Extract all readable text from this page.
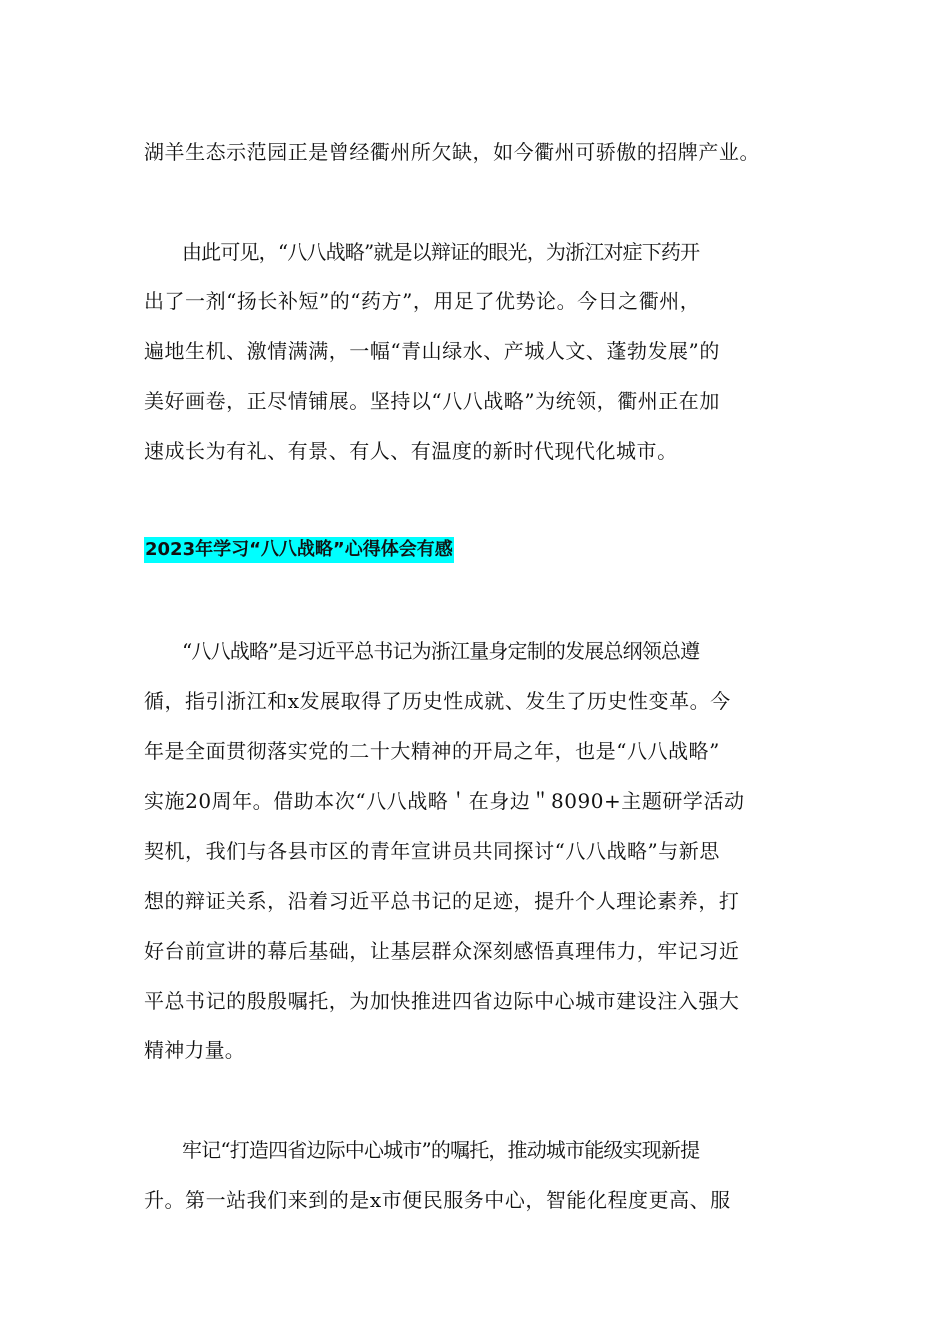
湖羊生态示范园正是曾经衢州所欠缺，如今衢州可骄傲的招牌产业。
由此可见，“八八战略”就是以辩证的眼光，为浙江对症下药开
出了一剂“扬长补短”的“药方”，用足了优势论。今日之衢州，
遍地生机、激情满满，一幅“青山绿水、产城人文、蓬勃发展”的
美好画卷，正尽情铺展。坚持以“八八战略”为统领，衢州正在加
速成长为有礼、有景、有人、有温度的新时代现代化城市。
2023年学习“八八战略”心得体会有感
“八八战略”是习近平总书记为浙江量身定制的发展总纲领总遵
循，指引浙江和x发展取得了历史性成就、发生了历史性变革。今
年是全面贯彻落实党的二十大精神的开局之年，也是“八八战略”
实施20周年。借助本次“八八战略＇在身边＂8090+主题研学活动
契机，我们与各县市区的青年宣讲员共同探讨“八八战略”与新思
想的辩证关系，沿着习近平总书记的足迹，提升个人理论素养，打
好台前宣讲的幕后基础，让基层群众深刻感悟真理伟力，牢记习近
平总书记的殷殷嘱托，为加快推进四省边际中心城市建设注入强大
精神力量。
牢记“打造四省边际中心城市”的嘱托，推动城市能级实现新提
升。第一站我们来到的是x市便民服务中心，智能化程度更高、服
